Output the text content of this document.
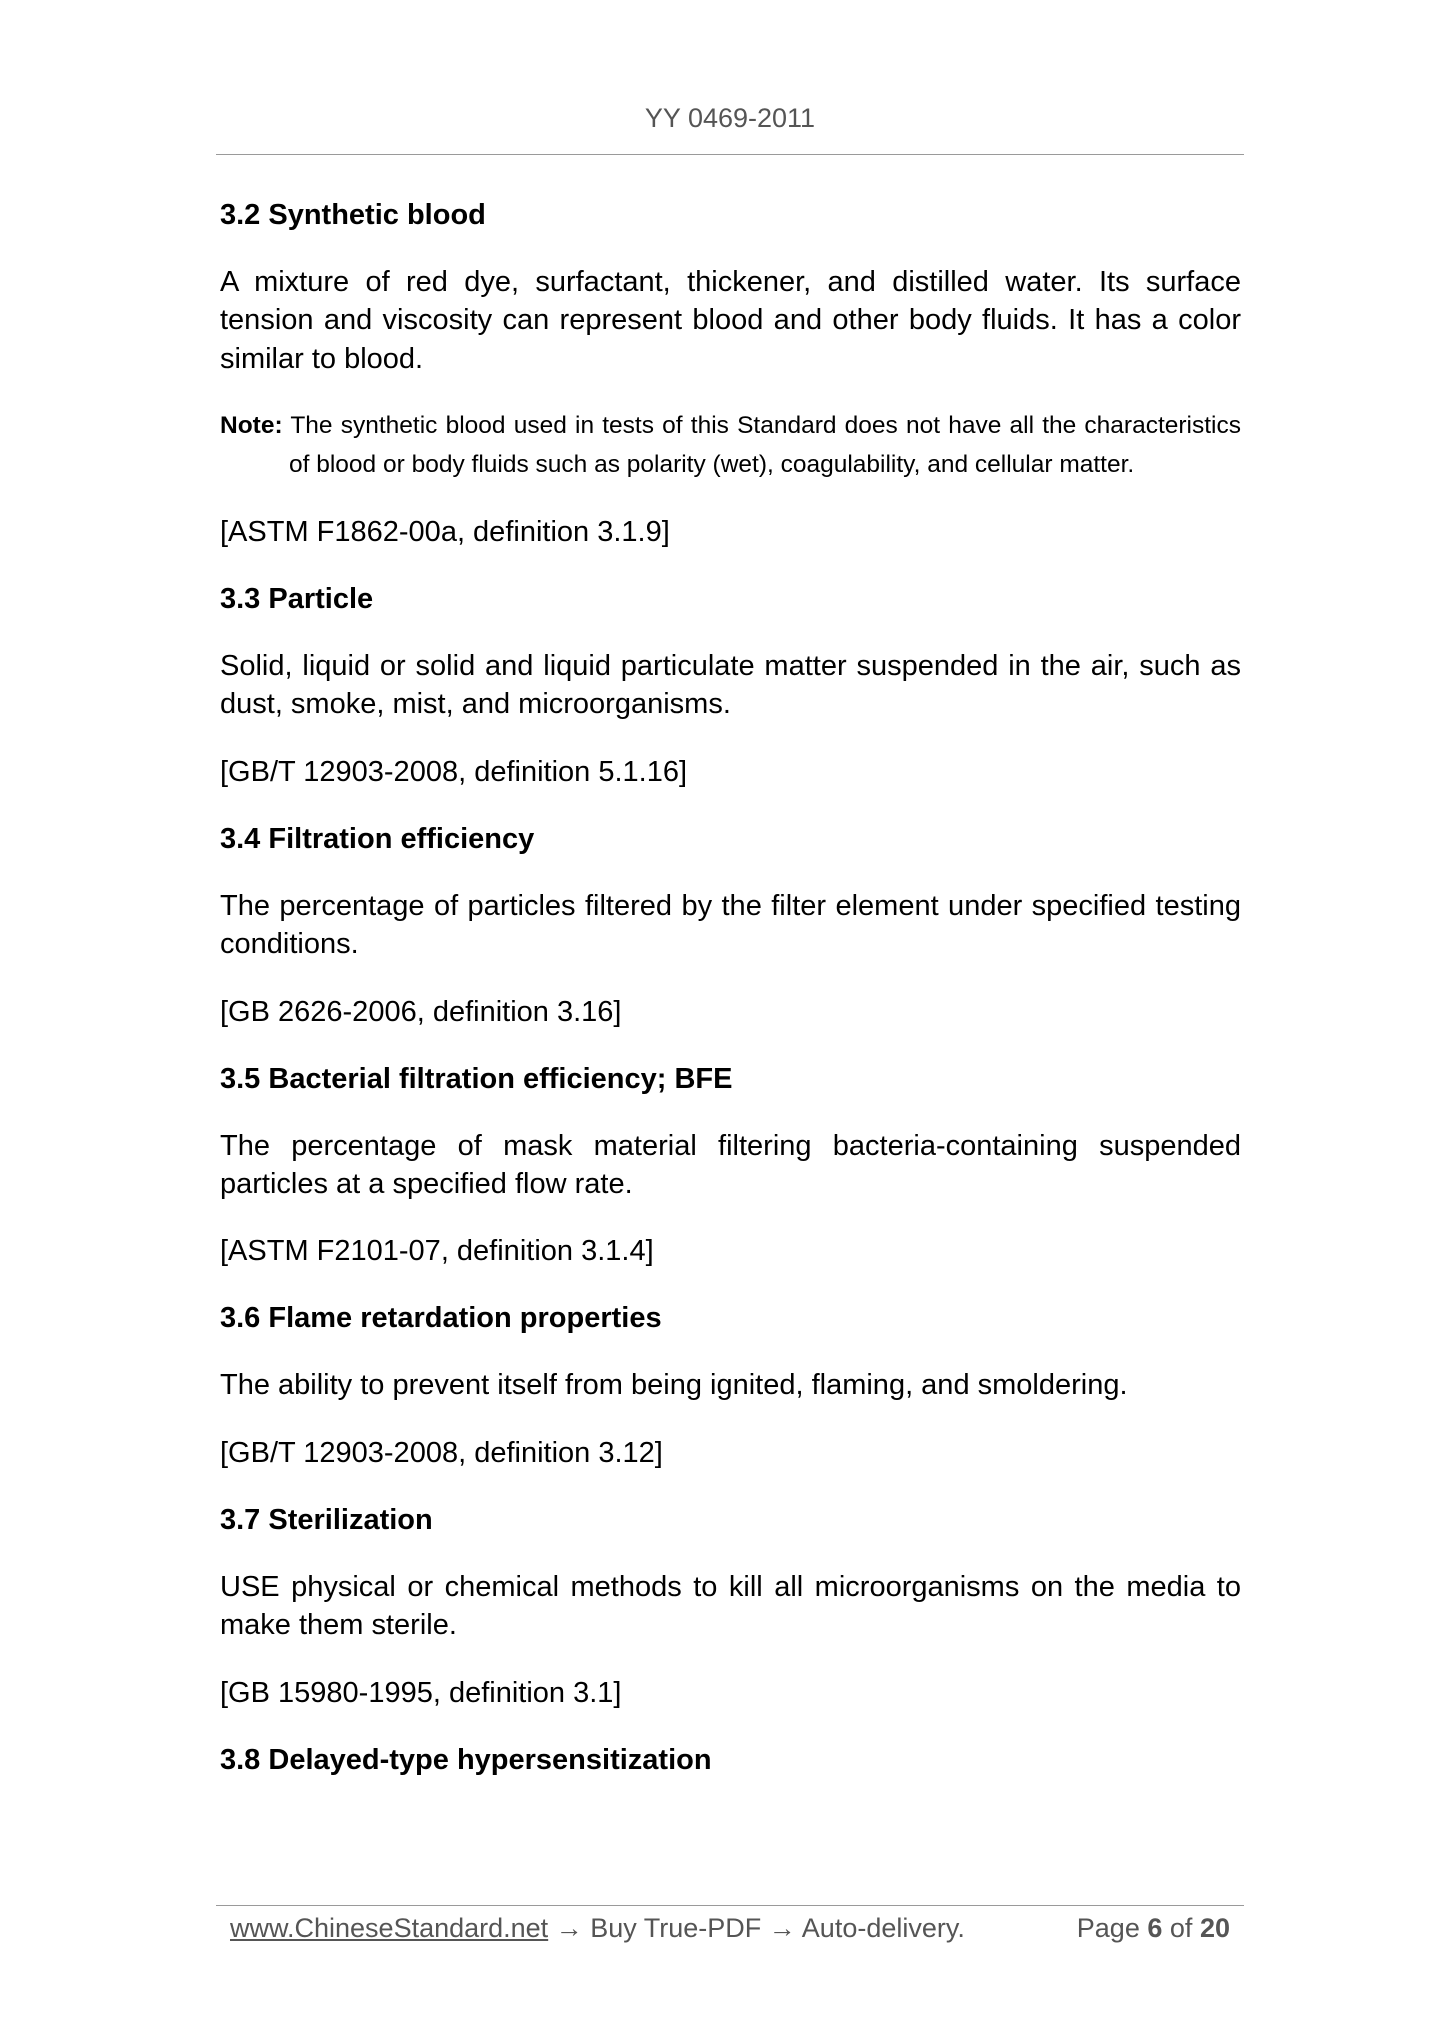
YY 0469-2011
3.2 Synthetic blood
A mixture of red dye, surfactant, thickener, and distilled water. Its surface tension and viscosity can represent blood and other body fluids. It has a color similar to blood.
Note: The synthetic blood used in tests of this Standard does not have all the characteristics of blood or body fluids such as polarity (wet), coagulability, and cellular matter.
[ASTM F1862-00a, definition 3.1.9]
3.3 Particle
Solid, liquid or solid and liquid particulate matter suspended in the air, such as dust, smoke, mist, and microorganisms.
[GB/T 12903-2008, definition 5.1.16]
3.4 Filtration efficiency
The percentage of particles filtered by the filter element under specified testing conditions.
[GB 2626-2006, definition 3.16]
3.5 Bacterial filtration efficiency; BFE
The percentage of mask material filtering bacteria-containing suspended particles at a specified flow rate.
[ASTM F2101-07, definition 3.1.4]
3.6 Flame retardation properties
The ability to prevent itself from being ignited, flaming, and smoldering.
[GB/T 12903-2008, definition 3.12]
3.7 Sterilization
USE physical or chemical methods to kill all microorganisms on the media to make them sterile.
[GB 15980-1995, definition 3.1]
3.8 Delayed-type hypersensitization
www.ChineseStandard.net → Buy True-PDF → Auto-delivery.	Page 6 of 20
